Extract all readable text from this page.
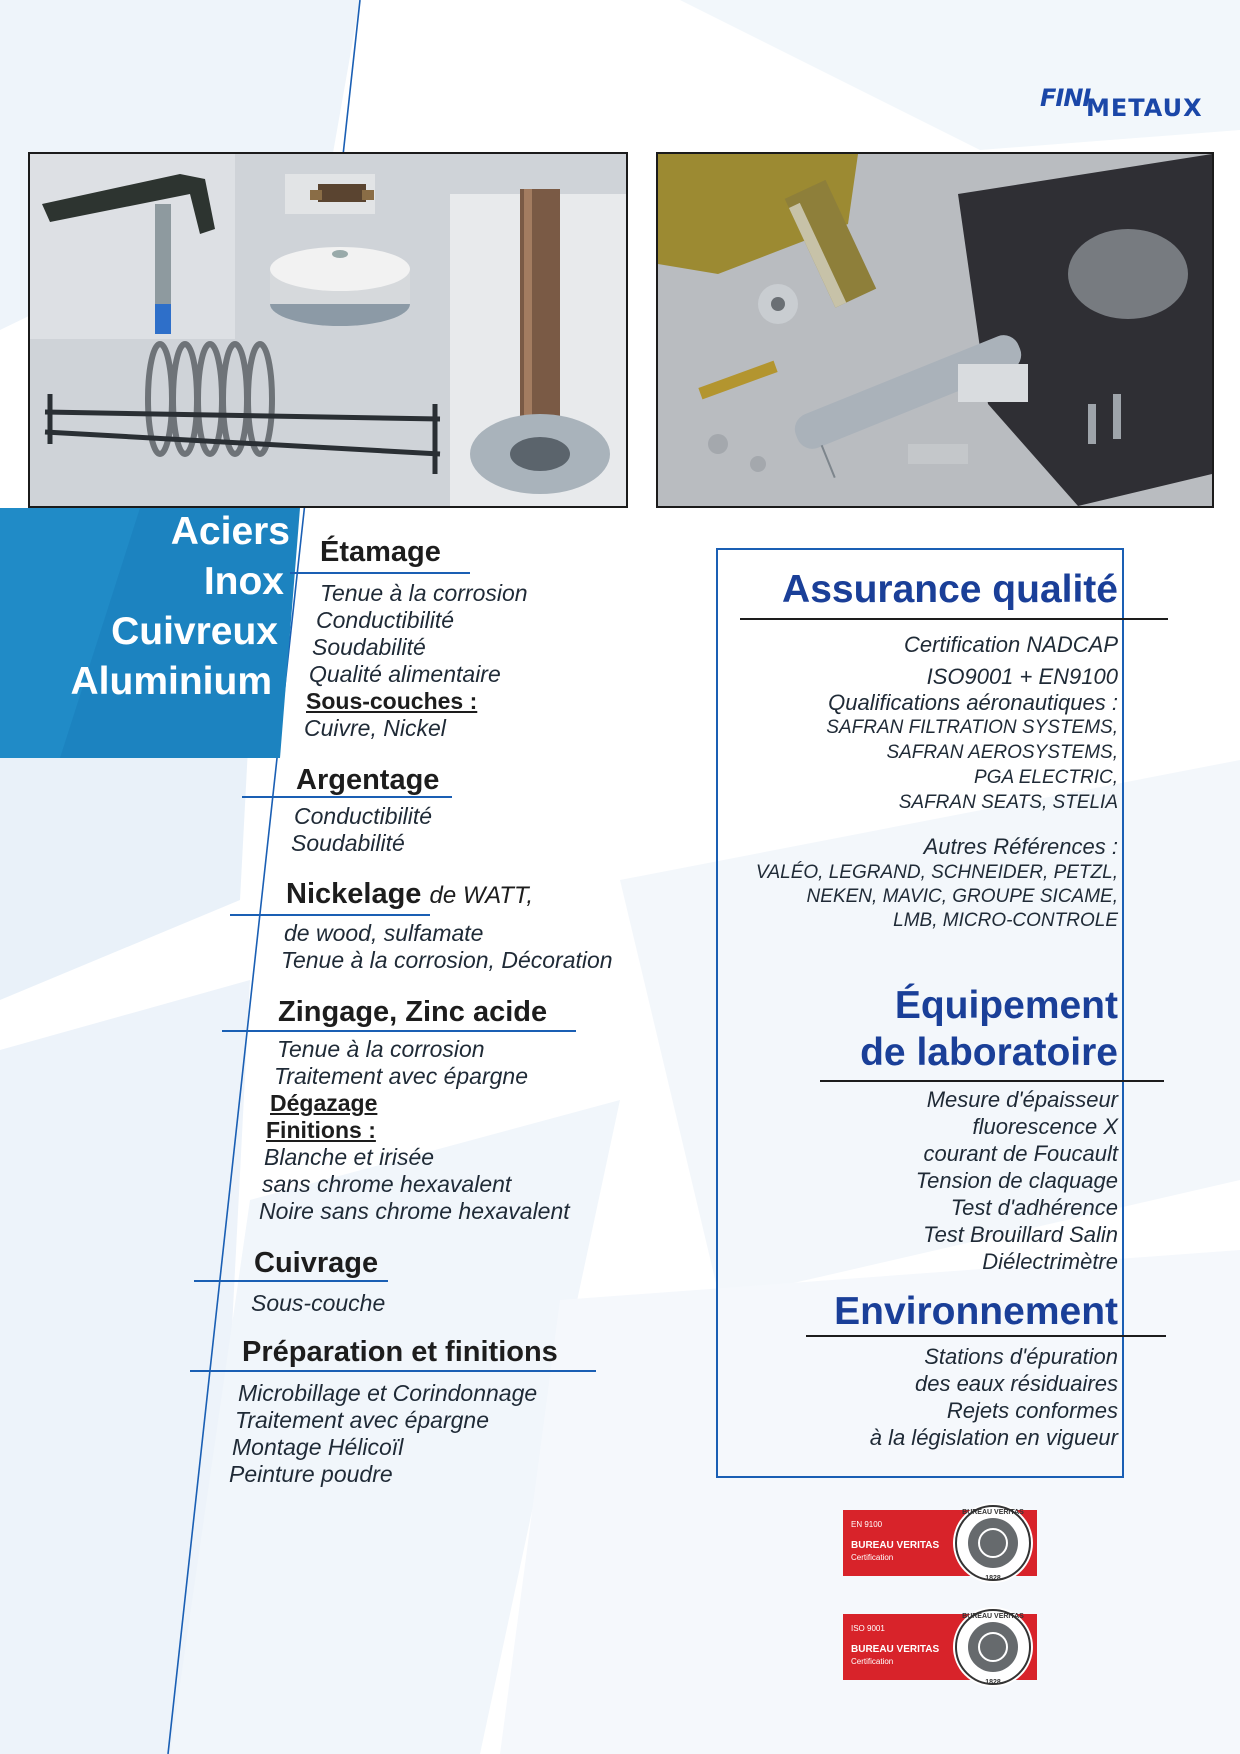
FINI
METAUX
Aciers
Inox
Cuivreux
Aluminium
Étamage
Tenue à la corrosion
Conductibilité
Soudabilité
Qualité alimentaire
Sous-couches :
Cuivre, Nickel
Argentage
Conductibilité
Soudabilité
Nickelage de WATT,
de wood, sulfamate
Tenue à la corrosion, Décoration
Zingage, Zinc acide
Tenue à la corrosion
Traitement avec épargne
Dégazage
Finitions :
Blanche et irisée
sans chrome hexavalent
Noire sans chrome hexavalent
Cuivrage
Sous-couche
Préparation et finitions
Microbillage et Corindonnage
Traitement avec épargne
Montage Hélicoïl
Peinture poudre
Assurance qualité
Certification NADCAP
ISO9001 + EN9100
Qualifications aéronautiques :
SAFRAN FILTRATION SYSTEMS,
SAFRAN AEROSYSTEMS,
PGA ELECTRIC,
SAFRAN SEATS, STELIA
Autres Références :
VALÉO, LEGRAND, SCHNEIDER, PETZL,
NEKEN, MAVIC, GROUPE SICAME,
LMB, MICRO-CONTROLE
Équipement
de laboratoire
Mesure d'épaisseur
fluorescence X
courant de Foucault
Tension de claquage
Test d'adhérence
Test Brouillard Salin
Diélectrimètre
Environnement
Stations d'épuration
des eaux résiduaires
Rejets conformes
à la législation en vigueur
EN 9100
BUREAU VERITAS
Certification
BUREAU VERITAS
1828
ISO 9001
BUREAU VERITAS
Certification
BUREAU VERITAS
1828
